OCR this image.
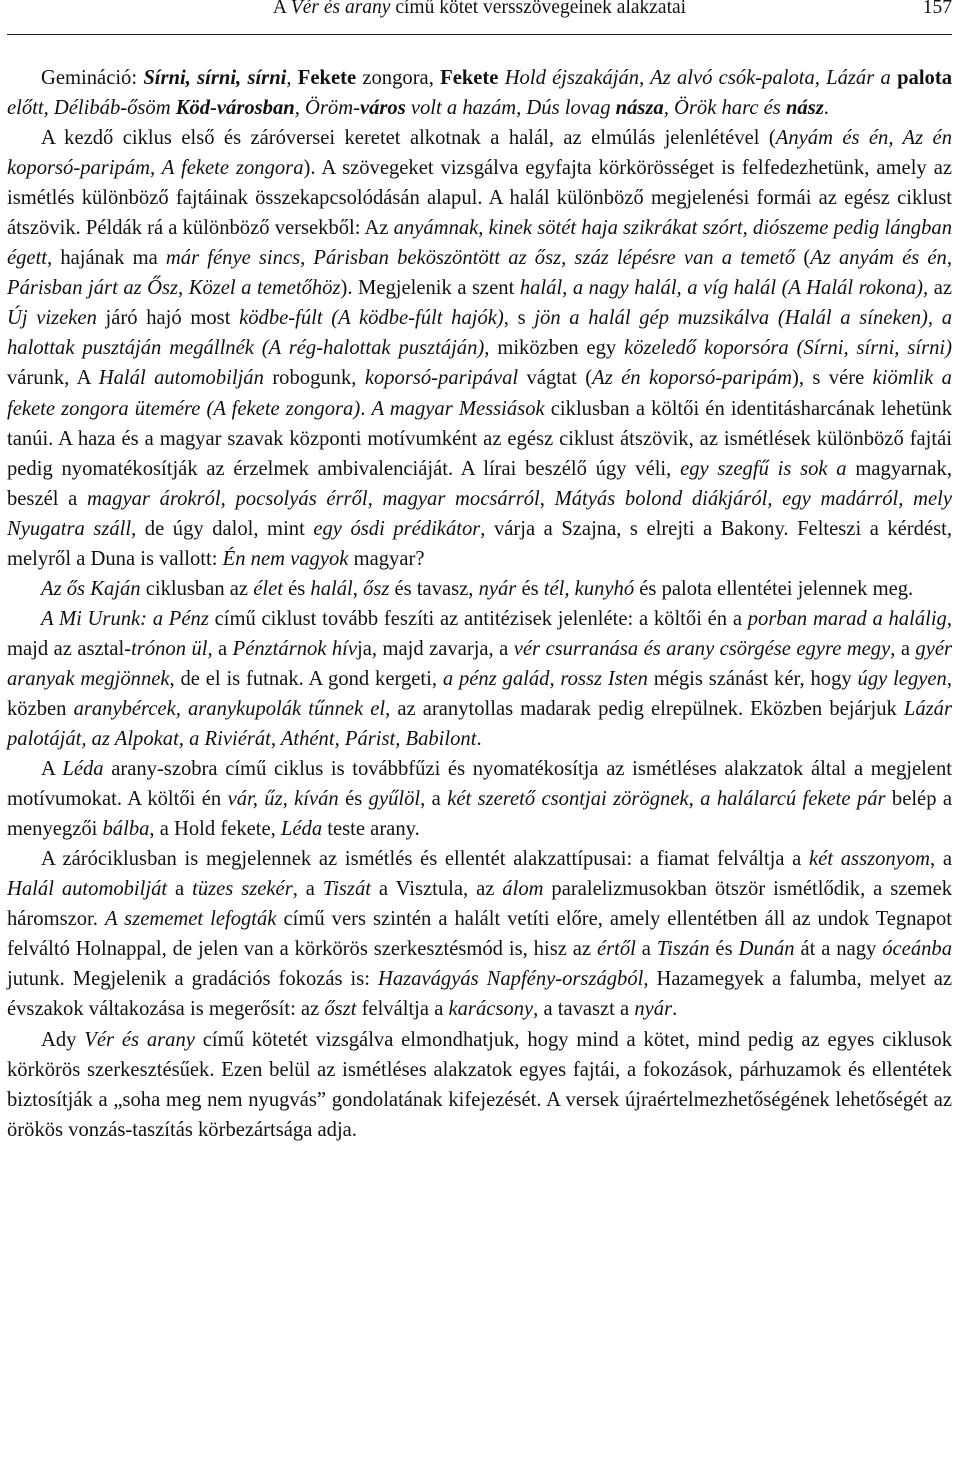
A Vér és arany című kötet versszövegeinek alakzatai	157

Gemináció: Sírni, sírni, sírni, Fekete zongora, Fekete Hold éjszakáján, Az alvó csók-palota, Lázár a palota előtt, Délibáb-ősöm Köd-városban, Öröm-város volt a hazám, Dús lovag násza, Örök harc és nász.

A kezdő ciklus első és záróversei keretet alkotnak a halál, az elmúlás jelenlétével (Anyám és én, Az én koporsó-paripám, A fekete zongora). A szövegeket vizsgálva egyfajta körkörösséget is felfedezhetünk, amely az ismétlés különböző fajtáinak összekapcsolódásán alapul. A halál különböző megjelenési formái az egész ciklust átszövik. Példák rá a különböző versekből: Az anyámnak, kinek sötét haja szikrákat szórt, diószeme pedig lángban égett, hajának ma már fénye sincs, Párisban beköszöntött az ősz, száz lépésre van a temető (Az anyám és én, Párisban járt az Ősz, Közel a temetőhöz). Megjelenik a szent halál, a nagy halál, a víg halál (A Halál rokona), az Új vizeken járó hajó most ködbe-fúlt (A ködbe-fúlt hajók), s jön a halál gép muzsikálva (Halál a síneken), a halottak pusztáján megállnék (A rég-halottak pusztáján), miközben egy közeledő koporsóra (Sírni, sírni, sírni) várunk, A Halál automobilján robogunk, koporsó-paripával vágtat (Az én koporsó-paripám), s vére kiömlik a fekete zongora ütemére (A fekete zongora). A magyar Messiások ciklusban a költői én identitásharcának lehetünk tanúi. A haza és a magyar szavak központi motívumként az egész ciklust átszövik, az ismétlések különböző fajtái pedig nyomatékosítják az érzelmek ambivalenciáját. A lírai beszélő úgy véli, egy szegfű is sok a magyarnak, beszél a magyar árokról, pocsolyás érről, magyar mocsárról, Mátyás bolond diákjáról, egy madárról, mely Nyugatra száll, de úgy dalol, mint egy ósdi prédikátor, várja a Szajna, s elrejti a Bakony. Felteszi a kérdést, melyről a Duna is vallott: Én nem vagyok magyar?

Az ős Kaján ciklusban az élet és halál, ősz és tavasz, nyár és tél, kunyhó és palota ellentétei jelennek meg.

A Mi Urunk: a Pénz című ciklust tovább feszíti az antitézisek jelenléte: a költői én a porban marad a halálig, majd az asztal-trónon ül, a Pénztárnok hívja, majd zavarja, a vér csurranása és arany csörgése egyre megy, a gyér aranyak megjönnek, de el is futnak. A gond kergeti, a pénz galád, rossz Isten mégis szánást kér, hogy úgy legyen, közben aranybércek, aranykupolák tűnnek el, az aranytollas madarak pedig elrepülnek. Eközben bejárjuk Lázár palotáját, az Alpokat, a Riviérát, Athént, Párist, Babilont.

A Léda arany-szobra című ciklus is továbbfűzi és nyomatékosítja az ismétléses alakzatok által a megjelent motívumokat. A költői én vár, űz, kíván és gyűlöl, a két szerető csontjai zörögnek, a halálarcú fekete pár belép a menyegzői bálba, a Hold fekete, Léda teste arany.

A záróciklusban is megjelennek az ismétlés és ellentét alakzattípusai: a fiamat felváltja a két asszonyom, a Halál automobilját a tüzes szekér, a Tiszát a Visztula, az álom paralelizmusokban ötször ismétlődik, a szemek háromszor. A szememet lefogták című vers szintén a halált vetíti előre, amely ellentétben áll az undok Tegnapot felváltó Holnappal, de jelen van a körkörös szerkesztésmód is, hisz az értől a Tiszán és Dunán át a nagy óceánba jutunk. Megjelenik a gradációs fokozás is: Hazavágyás Napfény-országból, Hazamegyek a falumba, melyet az évszakok váltakozása is megerősít: az őszt felváltja a karácsony, a tavaszt a nyár.

Ady Vér és arany című kötetét vizsgálva elmondhatjuk, hogy mind a kötet, mind pedig az egyes ciklusok körkörös szerkesztésűek. Ezen belül az ismétléses alakzatok egyes fajtái, a fokozások, párhuzamok és ellentétek biztosítják a „soha meg nem nyugvás” gondolatának kifejezését. A versek újraértelmezhetőségének lehetőségét az örökös vonzás-taszítás körbezártsága adja.
